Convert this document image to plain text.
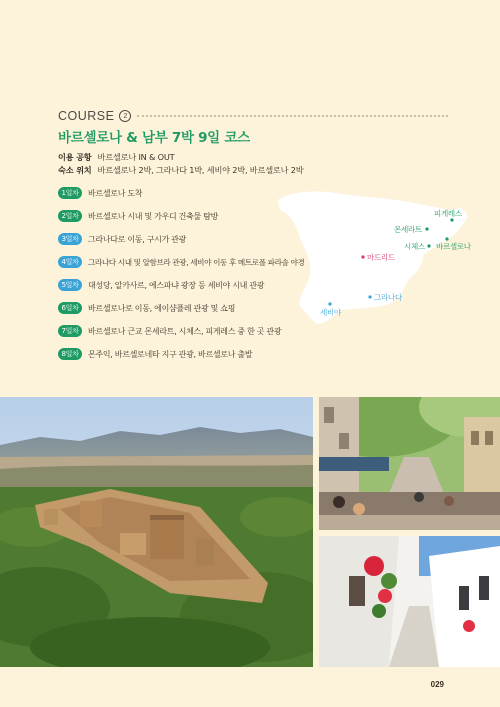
COURSE	2
바르셀로나 & 남부 7박 9일 코스
이용 공항 바르셀로나 IN & OUT
숙소 위치 바르셀로나 2박, 그라나다 1박, 세비야 2박, 바르셀로나 2박
1일차	바르셀로나 도착
2일차	바르셀로나 시내 및 가우디 건축물 탐방
3일차	그라나다로 이동, 구시가 관광
4일차	그라나다 시내 및 알함브라 관광, 세비야 이동 후 메트로폴 파라솔 야경
5일차	대성당, 알카사르, 에스파냐 광장 등 세비야 시내 관광
6일차	바르셀로나로 이동, 에이샴플레 관광 및 쇼핑
7일차	바르셀로나 근교 몬세라트, 시체스, 피게레스 중 한 곳 관광
8일차	몬주익, 바르셀로네타 지구 관광, 바르셀로나 출발
피게레스
몬세라트
시체스 바르셀로나
마드리드
그라나다
세비야
029
